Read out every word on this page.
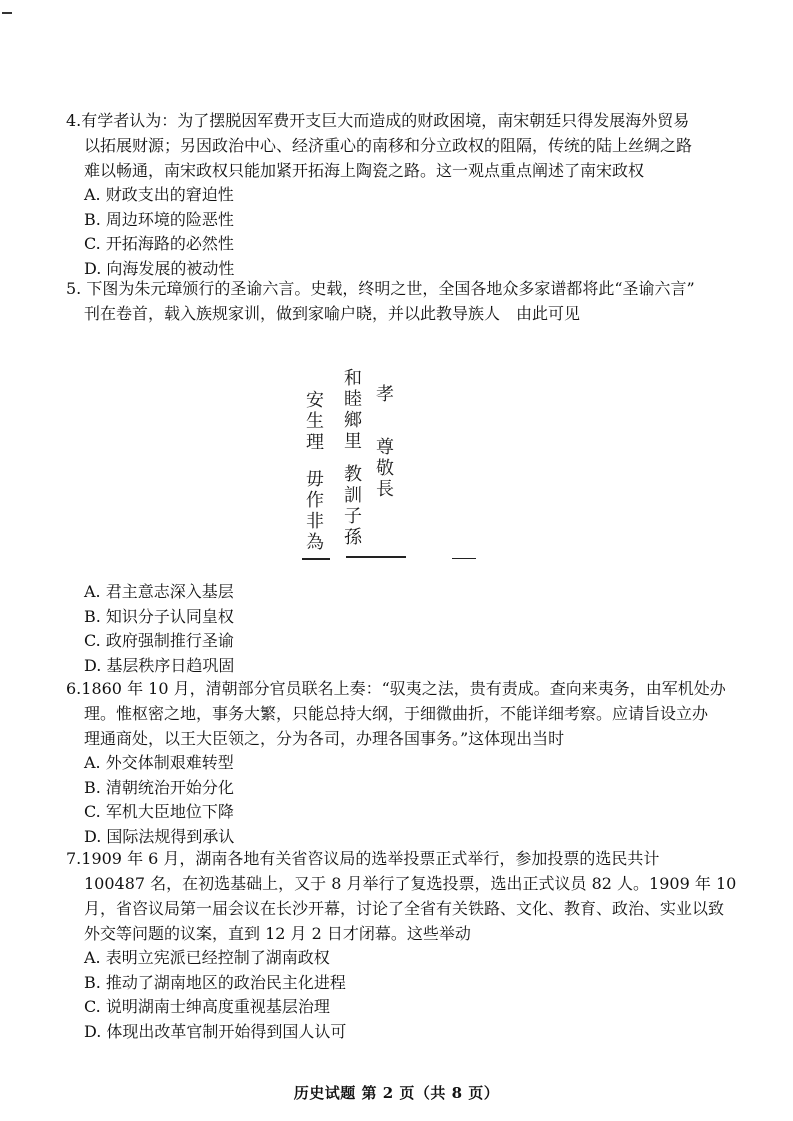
4.有学者认为：为了摆脱因军费开支巨大而造成的财政困境，南宋朝廷只得发展海外贸易
以拓展财源；另因政治中心、经济重心的南移和分立政权的阻隔，传统的陆上丝绸之路
难以畅通，南宋政权只能加紧开拓海上陶瓷之路。这一观点重点阐述了南宋政权
A. 财政支出的窘迫性
B. 周边环境的险恶性
C. 开拓海路的必然性
D. 向海发展的被动性
5. 下图为朱元璋颁行的圣谕六言。史载，终明之世，全国各地众多家谱都将此“圣谕六言”
刊在卷首，载入族规家训，做到家喻户晓，并以此教导族人　由此可见
孝
尊
敬
長
和
睦
鄉
里
教
訓
子
孫
安
生
理
毋
作
非
為
A. 君主意志深入基层
B. 知识分子认同皇权
C. 政府强制推行圣谕
D. 基层秩序日趋巩固
6.1860 年 10 月，清朝部分官员联名上奏：“驭夷之法，贵有责成。查向来夷务，由军机处办
理。惟枢密之地，事务大繁，只能总持大纲，于细微曲折，不能详细考察。应请旨设立办
理通商处，以王大臣领之，分为各司，办理各国事务。”这体现出当时
A. 外交体制艰难转型
B. 清朝统治开始分化
C. 军机大臣地位下降
D. 国际法规得到承认
7.1909 年 6 月，湖南各地有关省咨议局的选举投票正式举行，参加投票的选民共计
100487 名，在初选基础上，又于 8 月举行了复选投票，选出正式议员 82 人。1909 年 10
月，省咨议局第一届会议在长沙开幕，讨论了全省有关铁路、文化、教育、政治、实业以致
外交等问题的议案，直到 12 月 2 日才闭幕。这些举动
A. 表明立宪派已经控制了湖南政权
B. 推动了湖南地区的政治民主化进程
C. 说明湖南士绅高度重视基层治理
D. 体现出改革官制开始得到国人认可
历史试题 第 2 页（共 8 页）
